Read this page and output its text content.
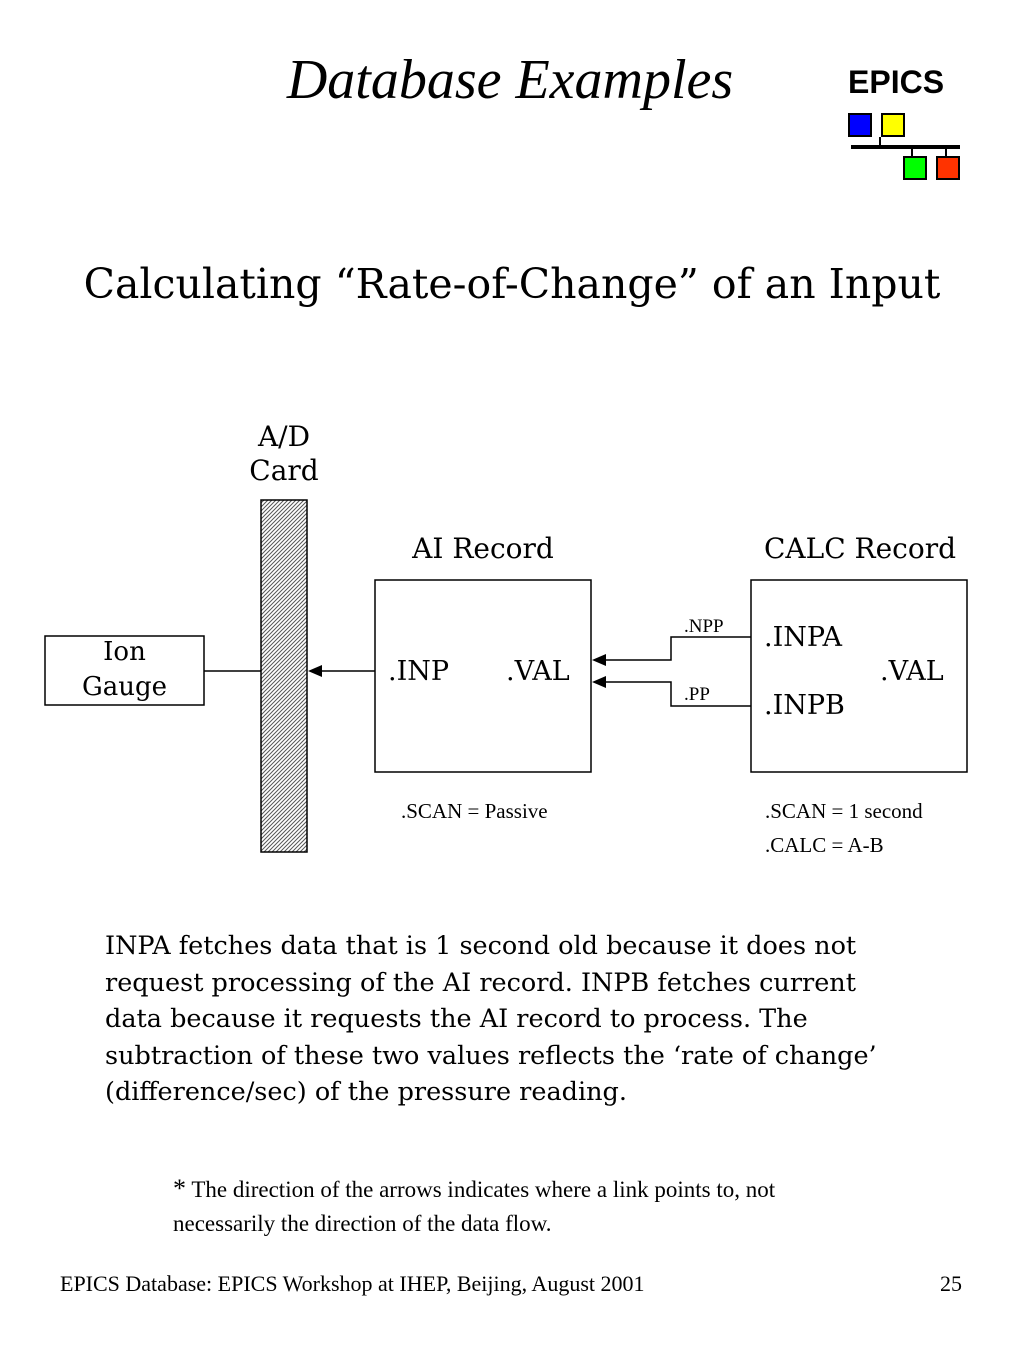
Database Examples	EPICS
A/D
Card
Ion
Gauge
AI Record
.INP .VAL
.SCAN = Passive
CALC Record
.INPA
.VAL
.INPB
.SCAN = 1 second
.CALC = A-B
.NPP
.PP
Calculating “Rate-of-Change” of an Input
INPA fetches data that is 1 second old because it does not
request processing of the AI record. INPB fetches current
data because it requests the AI record to process. The
subtraction of these two values reflects the ‘rate of change’
(difference/sec) of the pressure reading.
* The direction of the arrows indicates where a link points to, not
necessarily the direction of the data flow.
EPICS Database: EPICS Workshop at IHEP, Beijing, August 2001	25
